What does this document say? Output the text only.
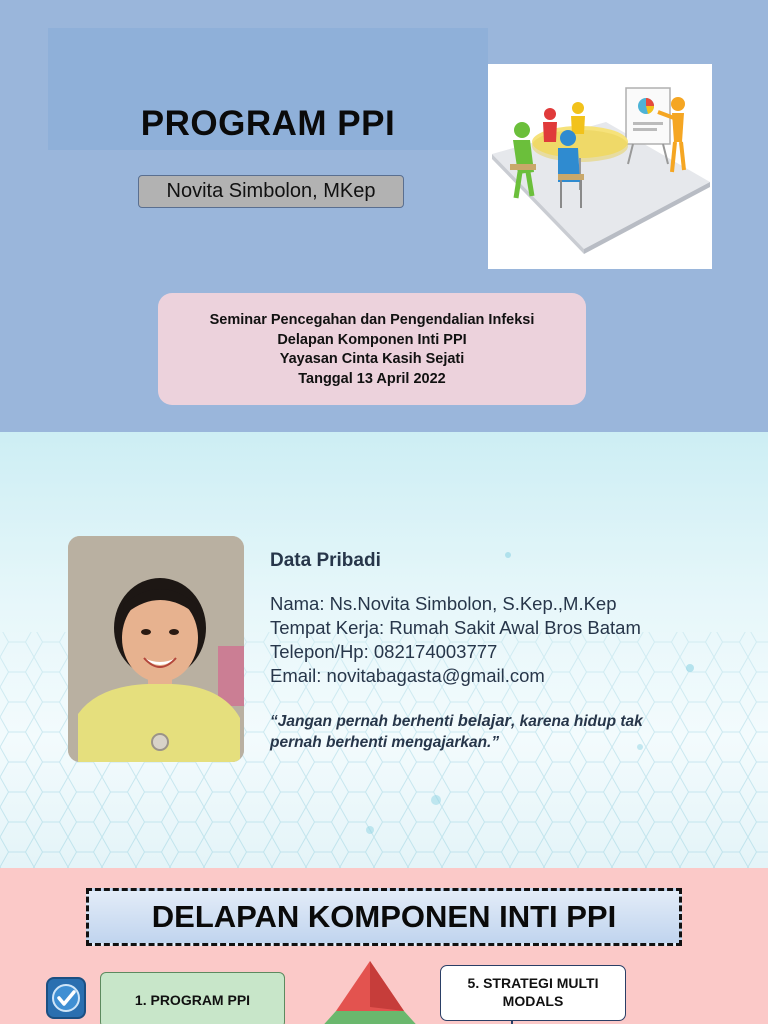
PROGRAM PPI
Novita Simbolon, MKep
Seminar Pencegahan dan Pengendalian Infeksi
Delapan Komponen Inti PPI
Yayasan Cinta Kasih Sejati
Tanggal 13 April 2022
Data Pribadi
Nama: Ns.Novita Simbolon, S.Kep.,M.Kep
Tempat Kerja: Rumah Sakit Awal Bros Batam
Telepon/Hp: 082174003777
Email: novitabagasta@gmail.com
“Jangan pernah berhenti belajar, karena hidup tak
pernah berhenti mengajarkan.”
DELAPAN KOMPONEN INTI PPI
1. PROGRAM PPI
5. STRATEGI MULTI
MODALS
